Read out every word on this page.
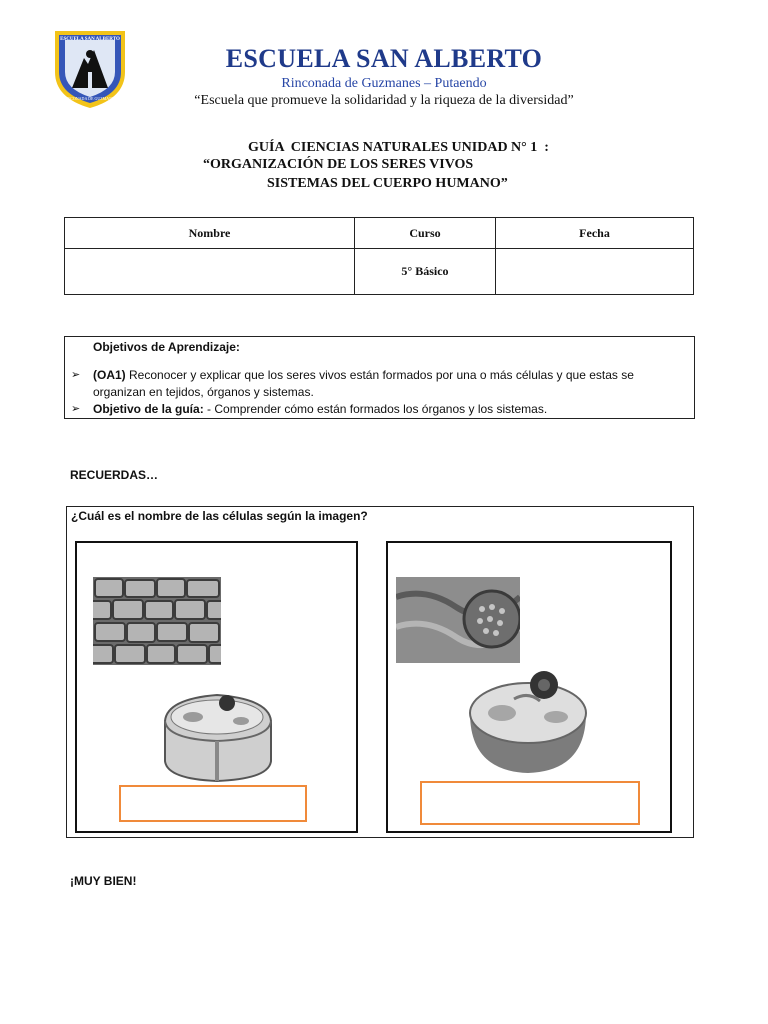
ESCUELA SAN ALBERTO
RINCONADA DE GUZMANES
ESCUELA SAN ALBERTO
Rinconada de Guzmanes – Putaendo
“Escuela que promueve la solidaridad y la riqueza de la diversidad”
GUÍA  CIENCIAS NATURALES UNIDAD N° 1  :
“ORGANIZACIÓN DE LOS SERES VIVOS
SISTEMAS DEL CUERPO HUMANO”
Nombre	Curso	Fecha
	5° Básico	
Objetivos de Aprendizaje:
➢ (OA1) Reconocer y explicar que los seres vivos están formados por una o más células y que estas se organizan en tejidos, órganos y sistemas.
➢ Objetivo de la guía: - Comprender cómo están formados los órganos y los sistemas.
RECUERDAS…
¿Cuál es el nombre de las células según la imagen?
¡MUY BIEN!
